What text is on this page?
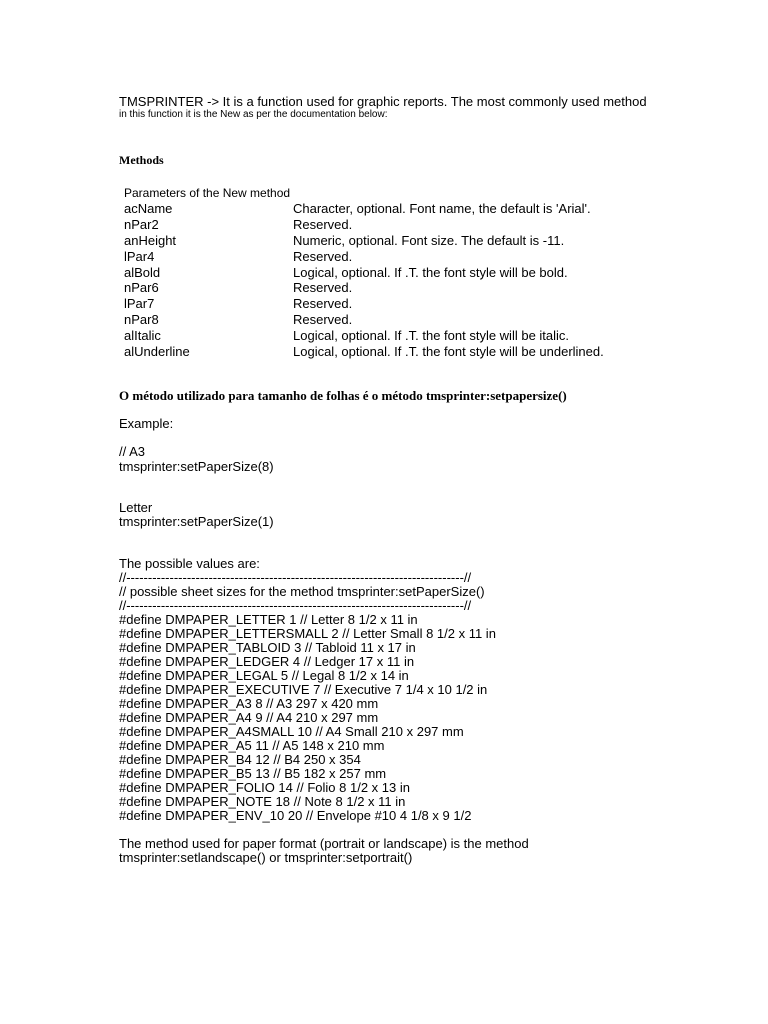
TMSPRINTER -> It is a function used for graphic reports. The most commonly used method
in this function it is the New as per the documentation below:
Methods
Parameters of the New method
acName	Character, optional. Font name, the default is 'Arial'.
nPar2	Reserved.
anHeight	Numeric, optional. Font size. The default is -11.
lPar4	Reserved.
alBold	Logical, optional. If .T. the font style will be bold.
nPar6	Reserved.
lPar7	Reserved.
nPar8	Reserved.
alItalic	Logical, optional. If .T. the font style will be italic.
alUnderline	Logical, optional. If .T. the font style will be underlined.
O método utilizado para tamanho de folhas é o método tmsprinter:setpapersize()
Example:
// A3
tmsprinter:setPaperSize(8)
Letter
tmsprinter:setPaperSize(1)
The possible values are:
//------------------------------------------------------------------------------//
// possible sheet sizes for the method tmsprinter:setPaperSize()
//------------------------------------------------------------------------------//
#define DMPAPER_LETTER 1 // Letter 8 1/2 x 11 in
#define DMPAPER_LETTERSMALL 2 // Letter Small 8 1/2 x 11 in
#define DMPAPER_TABLOID 3 // Tabloid 11 x 17 in
#define DMPAPER_LEDGER 4 // Ledger 17 x 11 in
#define DMPAPER_LEGAL 5 // Legal 8 1/2 x 14 in
#define DMPAPER_EXECUTIVE 7 // Executive 7 1/4 x 10 1/2 in
#define DMPAPER_A3 8 // A3 297 x 420 mm
#define DMPAPER_A4 9 // A4 210 x 297 mm
#define DMPAPER_A4SMALL 10 // A4 Small 210 x 297 mm
#define DMPAPER_A5 11 // A5 148 x 210 mm
#define DMPAPER_B4 12 // B4 250 x 354
#define DMPAPER_B5 13 // B5 182 x 257 mm
#define DMPAPER_FOLIO 14 // Folio 8 1/2 x 13 in
#define DMPAPER_NOTE 18 // Note 8 1/2 x 11 in
#define DMPAPER_ENV_10 20 // Envelope #10 4 1/8 x 9 1/2
The method used for paper format (portrait or landscape) is the method
tmsprinter:setlandscape() or tmsprinter:setportrait()
